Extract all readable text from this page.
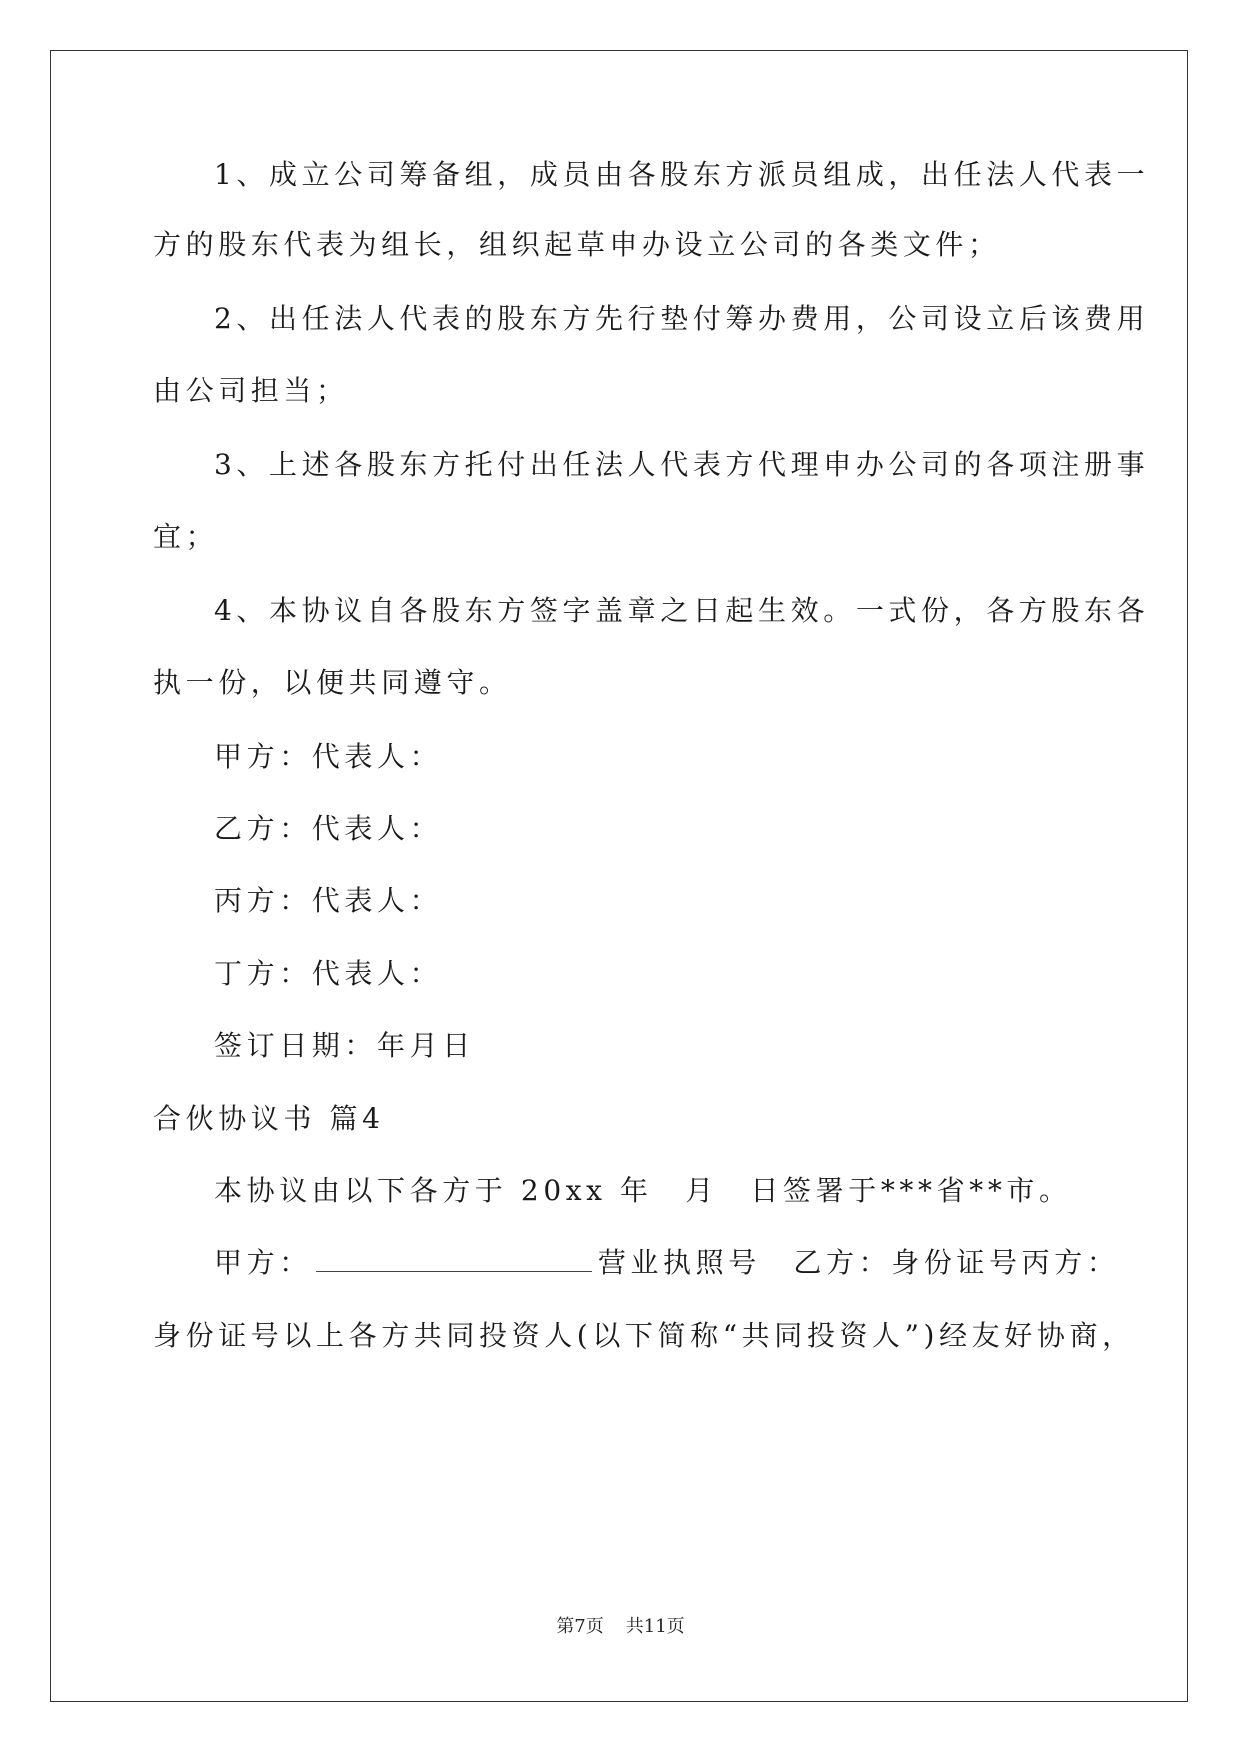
1、成立公司筹备组，成员由各股东方派员组成，出任法人代表一
方的股东代表为组长，组织起草申办设立公司的各类文件；
2、出任法人代表的股东方先行垫付筹办费用，公司设立后该费用
由公司担当；
3、上述各股东方托付出任法人代表方代理申办公司的各项注册事
宜；
4、本协议自各股东方签字盖章之日起生效。一式份，各方股东各
执一份，以便共同遵守。
甲方：代表人：
乙方：代表人：
丙方：代表人：
丁方：代表人：
签订日期：年月日
合伙协议书 篇4
本协议由以下各方于 20xx 年　月　日签署于***省**市。
甲方：	营业执照号　乙方：身份证号丙方：
身份证号以上各方共同投资人(以下简称“共同投资人”)经友好协商，
第7页 共11页
